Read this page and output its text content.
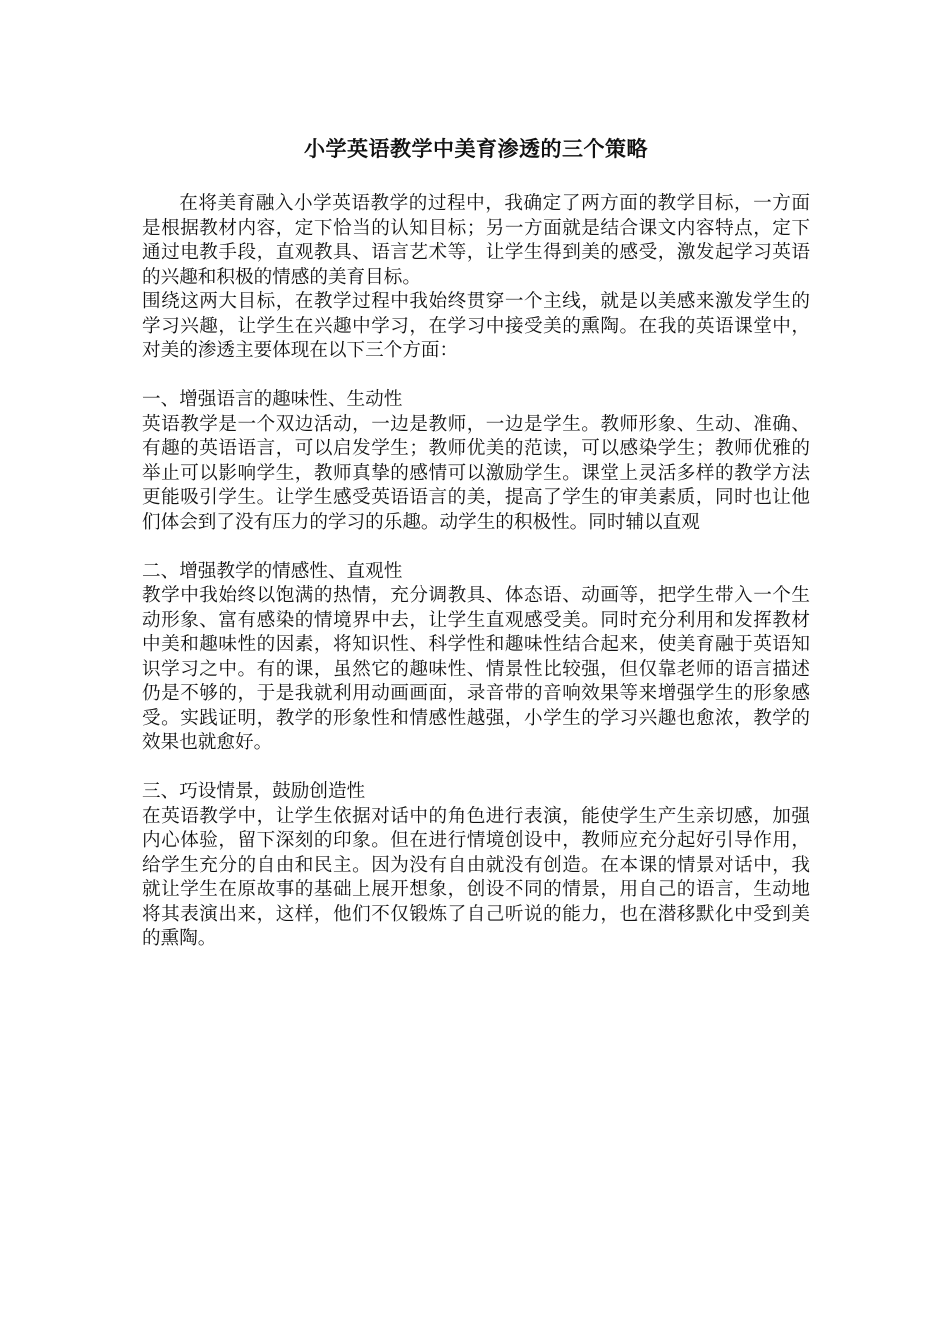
小学英语教学中美育渗透的三个策略

在将美育融入小学英语教学的过程中，我确定了两方面的教学目标，一方面是根据教材内容，定下恰当的认知目标；另一方面就是结合课文内容特点，定下通过电教手段，直观教具、语言艺术等，让学生得到美的感受，激发起学习英语的兴趣和积极的情感的美育目标。

围绕这两大目标，在教学过程中我始终贯穿一个主线，就是以美感来激发学生的学习兴趣，让学生在兴趣中学习，在学习中接受美的熏陶。在我的英语课堂中，对美的渗透主要体现在以下三个方面：

一、增强语言的趣味性、生动性

英语教学是一个双边活动，一边是教师，一边是学生。教师形象、生动、准确、有趣的英语语言，可以启发学生；教师优美的范读，可以感染学生；教师优雅的举止可以影响学生，教师真挚的感情可以激励学生。课堂上灵活多样的教学方法更能吸引学生。让学生感受英语语言的美，提高了学生的审美素质，同时也让他们体会到了没有压力的学习的乐趣。动学生的积极性。同时辅以直观

二、增强教学的情感性、直观性

教学中我始终以饱满的热情，充分调教具、体态语、动画等，把学生带入一个生动形象、富有感染的情境界中去，让学生直观感受美。同时充分利用和发挥教材中美和趣味性的因素，将知识性、科学性和趣味性结合起来，使美育融于英语知识学习之中。有的课，虽然它的趣味性、情景性比较强，但仅靠老师的语言描述仍是不够的，于是我就利用动画画面，录音带的音响效果等来增强学生的形象感受。实践证明，教学的形象性和情感性越强，小学生的学习兴趣也愈浓，教学的效果也就愈好。

三、巧设情景，鼓励创造性

在英语教学中，让学生依据对话中的角色进行表演，能使学生产生亲切感，加强内心体验，留下深刻的印象。但在进行情境创设中，教师应充分起好引导作用，给学生充分的自由和民主。因为没有自由就没有创造。在本课的情景对话中，我就让学生在原故事的基础上展开想象，创设不同的情景，用自己的语言，生动地将其表演出来，这样，他们不仅锻炼了自己听说的能力，也在潜移默化中受到美的熏陶。
